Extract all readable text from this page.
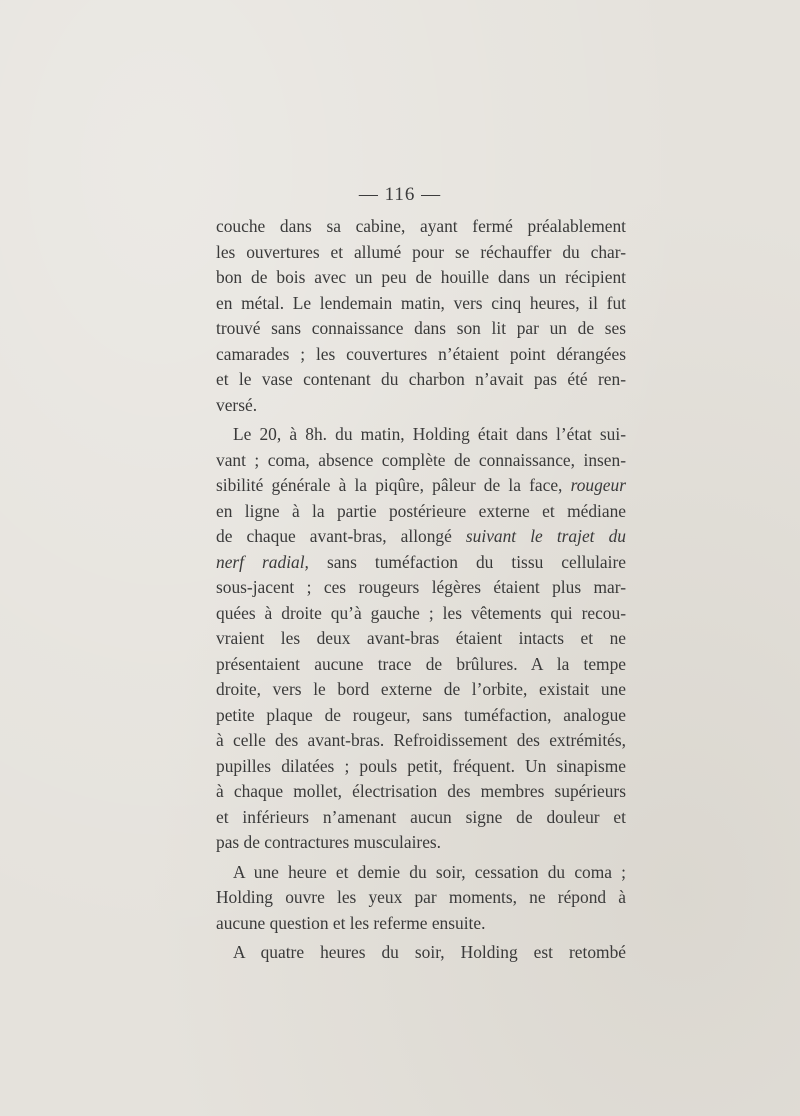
— 116 —
couche dans sa cabine, ayant fermé préalablement
les ouvertures et allumé pour se réchauffer du char-
bon de bois avec un peu de houille dans un récipient
en métal. Le lendemain matin, vers cinq heures, il fut
trouvé sans connaissance dans son lit par un de ses
camarades ; les couvertures n’étaient point dérangées
et le vase contenant du charbon n’avait pas été ren-
versé.
Le 20, à 8h. du matin, Holding était dans l’état sui-
vant ; coma, absence complète de connaissance, insen-
sibilité générale à la piqûre, pâleur de la face, rougeur
en ligne à la partie postérieure externe et médiane
de chaque avant-bras, allongé suivant le trajet du
nerf radial, sans tuméfaction du tissu cellulaire
sous-jacent ; ces rougeurs légères étaient plus mar-
quées à droite qu’à gauche ; les vêtements qui recou-
vraient les deux avant-bras étaient intacts et ne
présentaient aucune trace de brûlures. A la tempe
droite, vers le bord externe de l’orbite, existait une
petite plaque de rougeur, sans tuméfaction, analogue
à celle des avant-bras. Refroidissement des extrémités,
pupilles dilatées ; pouls petit, fréquent. Un sinapisme
à chaque mollet, électrisation des membres supérieurs
et inférieurs n’amenant aucun signe de douleur et
pas de contractures musculaires.
A une heure et demie du soir, cessation du coma ;
Holding ouvre les yeux par moments, ne répond à
aucune question et les referme ensuite.
A quatre heures du soir, Holding est retombé
